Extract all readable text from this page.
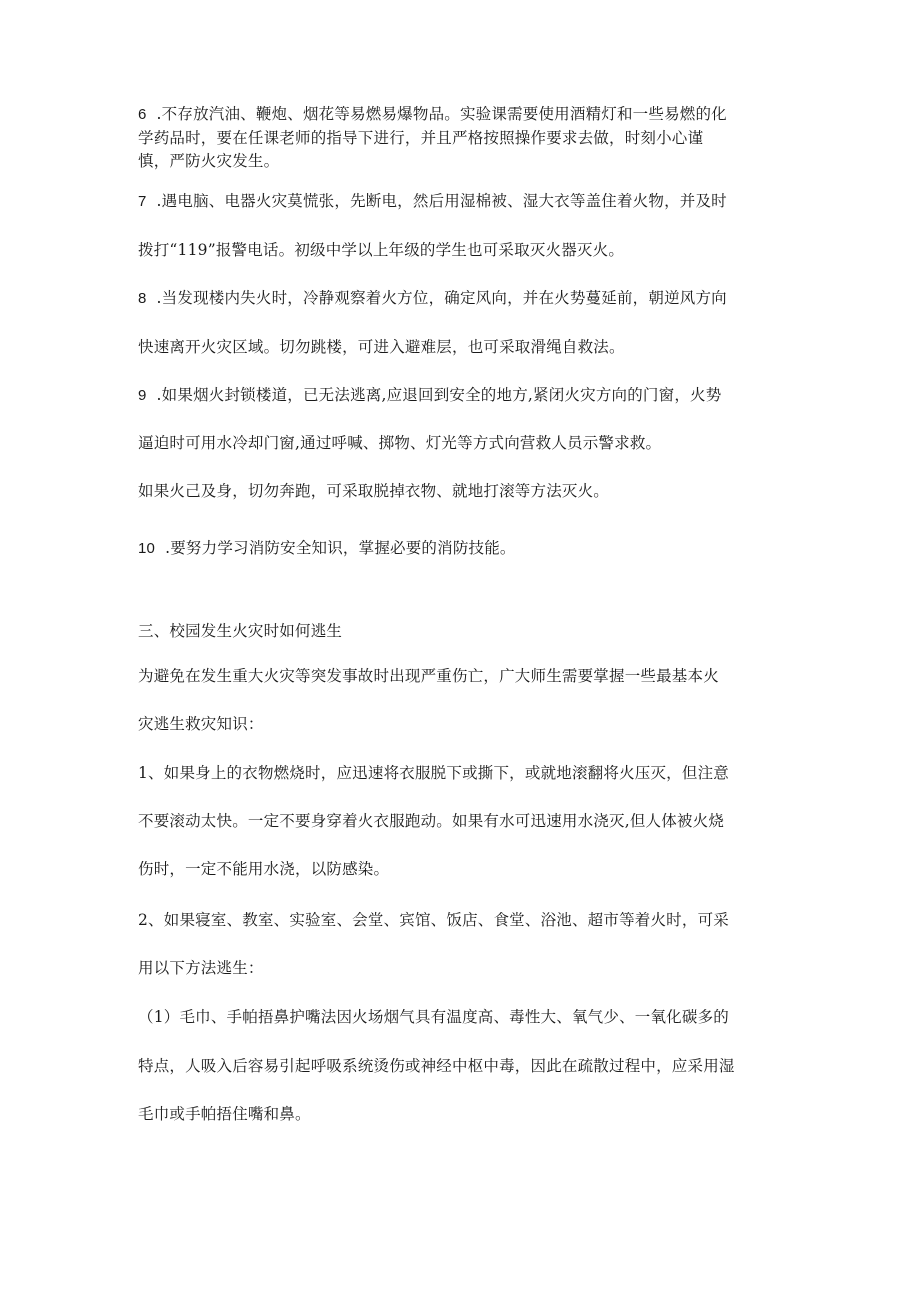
6 .不存放汽油、鞭炮、烟花等易燃易爆物品。实验课需要使用酒精灯和一些易燃的化
学药品时，要在任课老师的指导下进行，并且严格按照操作要求去做，时刻小心谨
慎，严防火灾发生。
7 .遇电脑、电器火灾莫慌张，先断电，然后用湿棉被、湿大衣等盖住着火物，并及时
拨打“119”报警电话。初级中学以上年级的学生也可采取灭火器灭火。
8 .当发现楼内失火时，冷静观察着火方位，确定风向，并在火势蔓延前，朝逆风方向
快速离开火灾区域。切勿跳楼，可进入避难层，也可采取滑绳自救法。
9 .如果烟火封锁楼道，已无法逃离,应退回到安全的地方,紧闭火灾方向的门窗，火势
逼迫时可用水冷却门窗,通过呼喊、掷物、灯光等方式向营救人员示警求救。
如果火己及身，切勿奔跑，可采取脱掉衣物、就地打滚等方法灭火。
10 .要努力学习消防安全知识，掌握必要的消防技能。
三、校园发生火灾时如何逃生
为避免在发生重大火灾等突发事故时出现严重伤亡，广大师生需要掌握一些最基本火
灾逃生救灾知识：
1、如果身上的衣物燃烧时，应迅速将衣服脱下或撕下，或就地滚翻将火压灭，但注意
不要滚动太快。一定不要身穿着火衣服跑动。如果有水可迅速用水浇灭,但人体被火烧
伤时，一定不能用水浇，以防感染。
2、如果寝室、教室、实验室、会堂、宾馆、饭店、食堂、浴池、超市等着火时，可采
用以下方法逃生：
（1）毛巾、手帕捂鼻护嘴法因火场烟气具有温度高、毒性大、氧气少、一氧化碳多的
特点，人吸入后容易引起呼吸系统烫伤或神经中枢中毒，因此在疏散过程中，应采用湿
毛巾或手帕捂住嘴和鼻。
